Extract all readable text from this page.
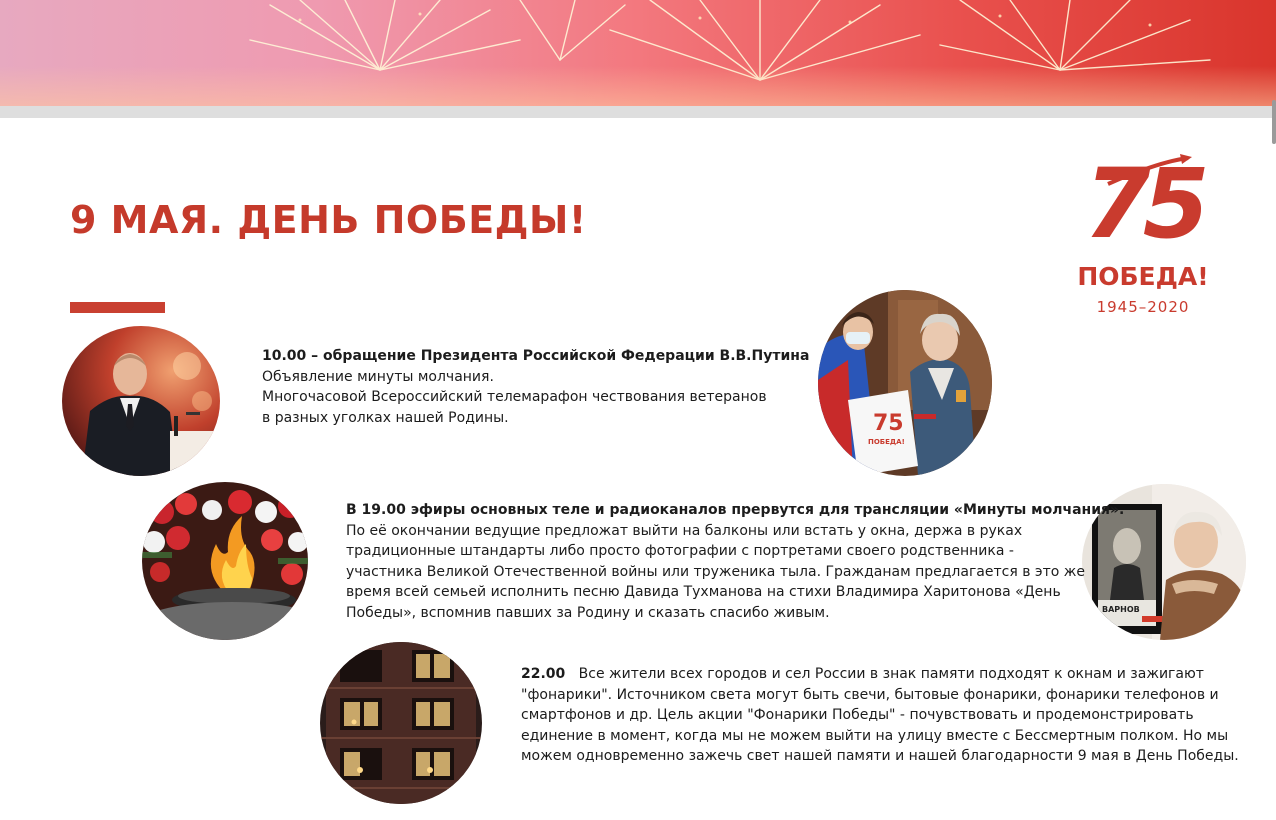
9 МАЯ. ДЕНЬ ПОБЕДЫ!	75
ПОБЕДА!
1945–2020
75
ПОБЕДА!
ВАРНОВ
10.00 – обращение Президента Российской Федерации В.В.Путина
Объявление минуты молчания.
Многочасовой Всероссийский телемарафон чествования ветеранов
в разных уголках нашей Родины.
В 19.00 эфиры основных теле и радиоканалов прервутся для трансляции «Минуты молчания».
По её окончании ведущие предложат выйти на балконы или встать у окна, держа в руках
традиционные штандарты либо просто фотографии с портретами своего родственника -
участника Великой Отечественной войны или труженика тыла. Гражданам предлагается в это же
время всей семьей исполнить песню Давида Тухманова на стихи Владимира Харитонова «День
Победы», вспомнив павших за Родину и сказать спасибо живым.
22.00 Все жители всех городов и сел России в знак памяти подходят к окнам и зажигают
"фонарики". Источником света могут быть свечи, бытовые фонарики, фонарики телефонов и
смартфонов и др. Цель акции "Фонарики Победы" - почувствовать и продемонстрировать
единение в момент, когда мы не можем выйти на улицу вместе с Бессмертным полком. Но мы
можем одновременно зажечь свет нашей памяти и нашей благодарности 9 мая в День Победы.
